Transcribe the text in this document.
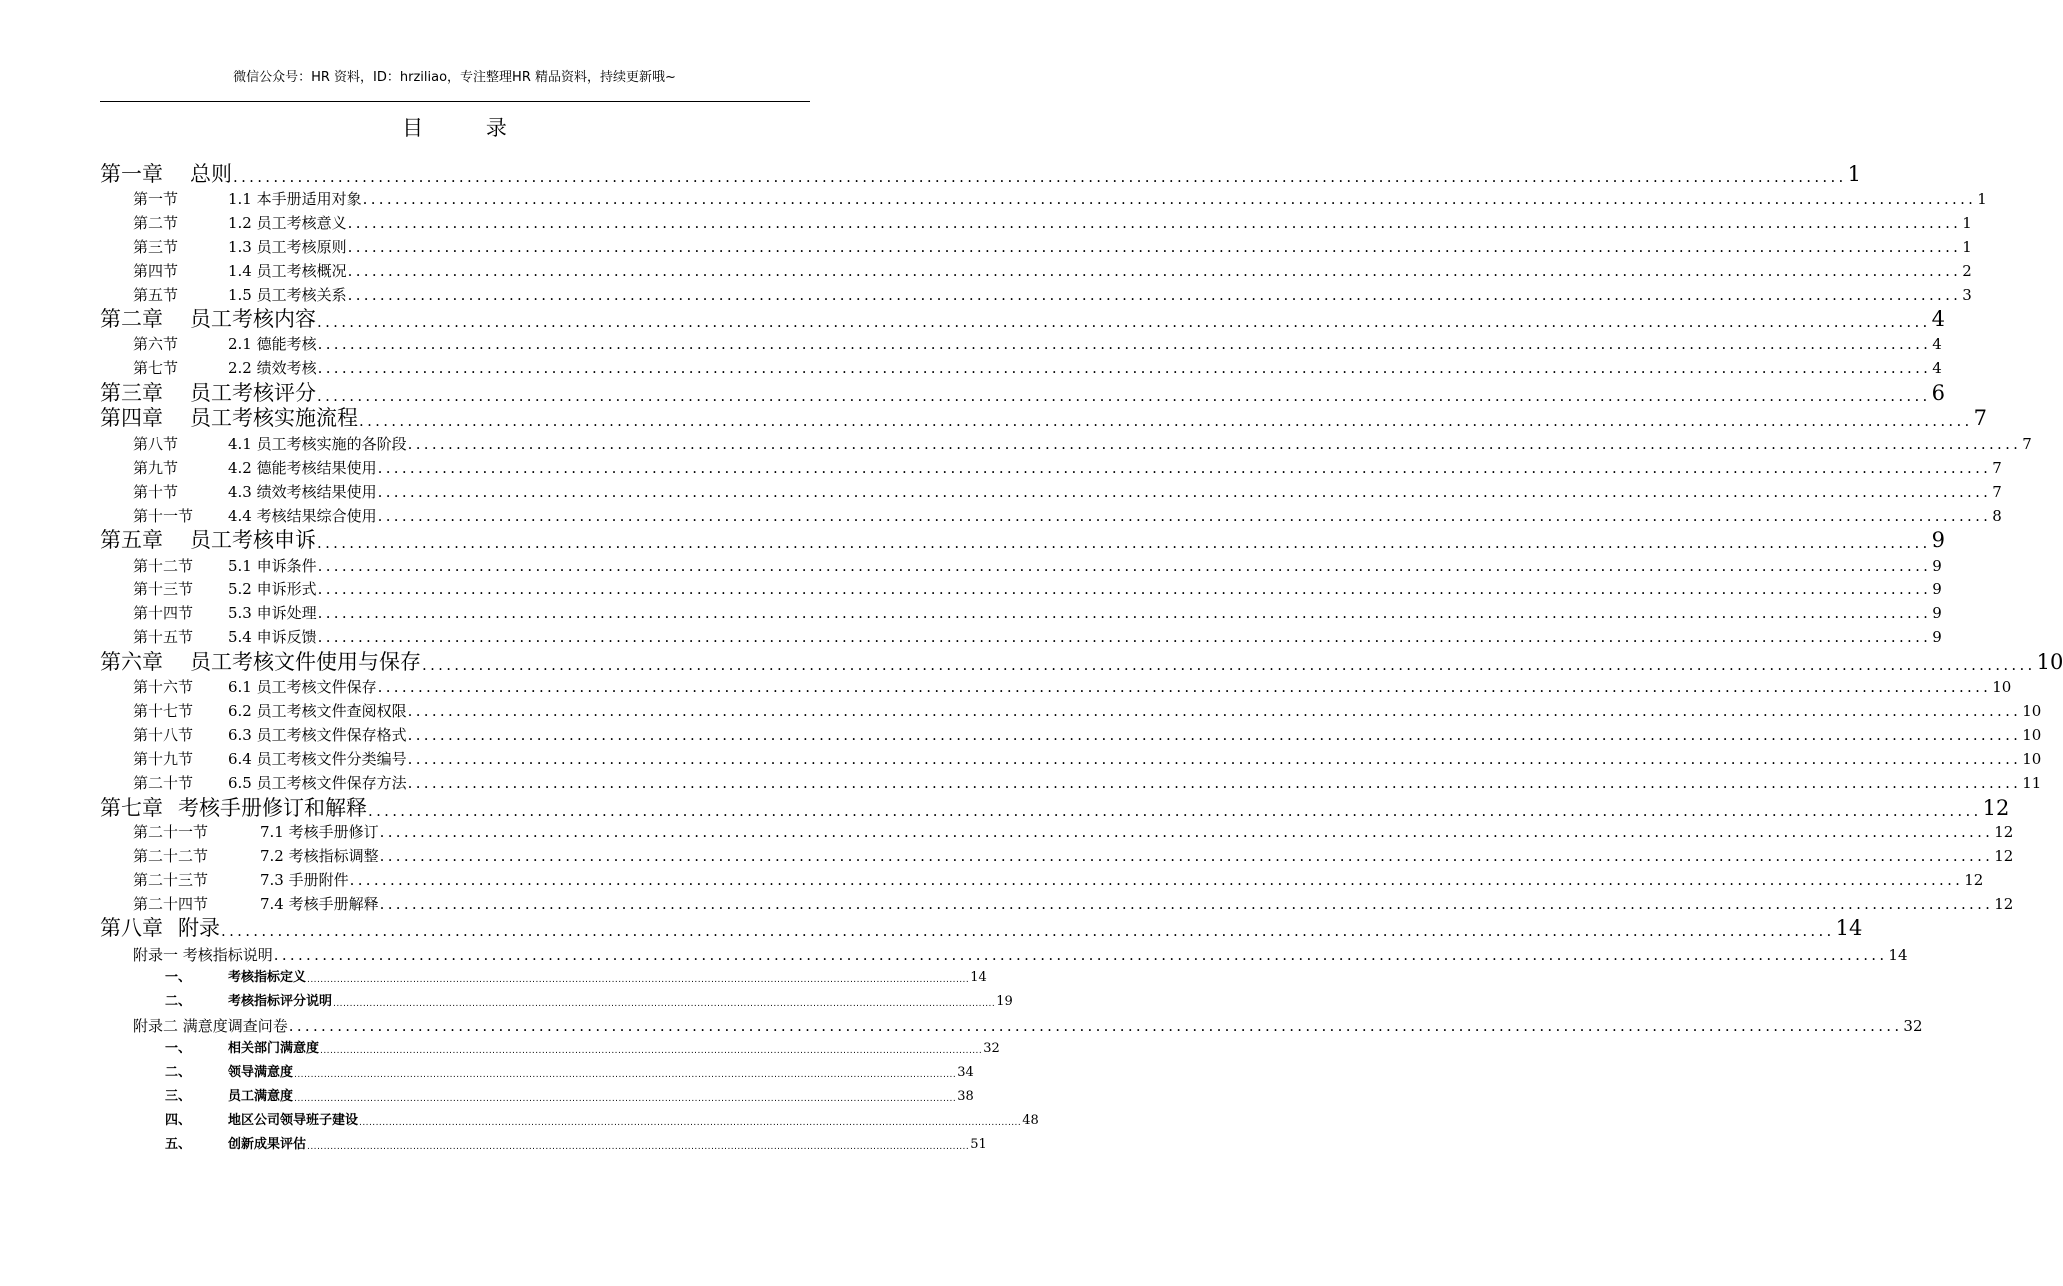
微信公众号：HR 资料，ID：hrziliao，专注整理HR 精品资料，持续更新哦~
目 录
第一章	总则 ........................................................................................................................................................................................................ 1
第一节	1.1 本手册适用对象 ........................................................................................................................................................................................................ 1
第二节	1.2 员工考核意义 ........................................................................................................................................................................................................ 1
第三节	1.3 员工考核原则 ........................................................................................................................................................................................................ 1
第四节	1.4 员工考核概况 ........................................................................................................................................................................................................ 2
第五节	1.5 员工考核关系 ........................................................................................................................................................................................................ 3
第二章	员工考核内容 ........................................................................................................................................................................................................ 4
第六节	2.1 德能考核 ........................................................................................................................................................................................................ 4
第七节	2.2 绩效考核 ........................................................................................................................................................................................................ 4
第三章	员工考核评分 ........................................................................................................................................................................................................ 6
第四章	员工考核实施流程 ........................................................................................................................................................................................................ 7
第八节	4.1 员工考核实施的各阶段 ........................................................................................................................................................................................................ 7
第九节	4.2 德能考核结果使用 ........................................................................................................................................................................................................ 7
第十节	4.3 绩效考核结果使用 ........................................................................................................................................................................................................ 7
第十一节	4.4 考核结果综合使用 ........................................................................................................................................................................................................ 8
第五章	员工考核申诉 ........................................................................................................................................................................................................ 9
第十二节	5.1 申诉条件 ........................................................................................................................................................................................................ 9
第十三节	5.2 申诉形式 ........................................................................................................................................................................................................ 9
第十四节	5.3 申诉处理 ........................................................................................................................................................................................................ 9
第十五节	5.4 申诉反馈 ........................................................................................................................................................................................................ 9
第六章	员工考核文件使用与保存 ........................................................................................................................................................................................................ 10
第十六节	6.1 员工考核文件保存 ........................................................................................................................................................................................................ 10
第十七节	6.2 员工考核文件查阅权限 ........................................................................................................................................................................................................ 10
第十八节	6.3 员工考核文件保存格式 ........................................................................................................................................................................................................ 10
第十九节	6.4 员工考核文件分类编号 ........................................................................................................................................................................................................ 10
第二十节	6.5 员工考核文件保存方法 ........................................................................................................................................................................................................ 11
第七章 考核手册修订和解释 ........................................................................................................................................................................................................ 12
第二十一节	7.1 考核手册修订 ........................................................................................................................................................................................................ 12
第二十二节	7.2 考核指标调整 ........................................................................................................................................................................................................ 12
第二十三节	7.3 手册附件 ........................................................................................................................................................................................................ 12
第二十四节	7.4 考核手册解释 ........................................................................................................................................................................................................ 12
第八章 附录 ........................................................................................................................................................................................................ 14
附录一 考核指标说明 ........................................................................................................................................................................................................ 14
一、	考核指标定义 ........................................................................................................................................................................................................ 14
二、	考核指标评分说明 ........................................................................................................................................................................................................ 19
附录二 满意度调查问卷 ........................................................................................................................................................................................................ 32
一、	相关部门满意度 ........................................................................................................................................................................................................ 32
二、	领导满意度 ........................................................................................................................................................................................................ 34
三、	员工满意度 ........................................................................................................................................................................................................ 38
四、	地区公司领导班子建设 ........................................................................................................................................................................................................ 48
五、	创新成果评估 ........................................................................................................................................................................................................ 51
